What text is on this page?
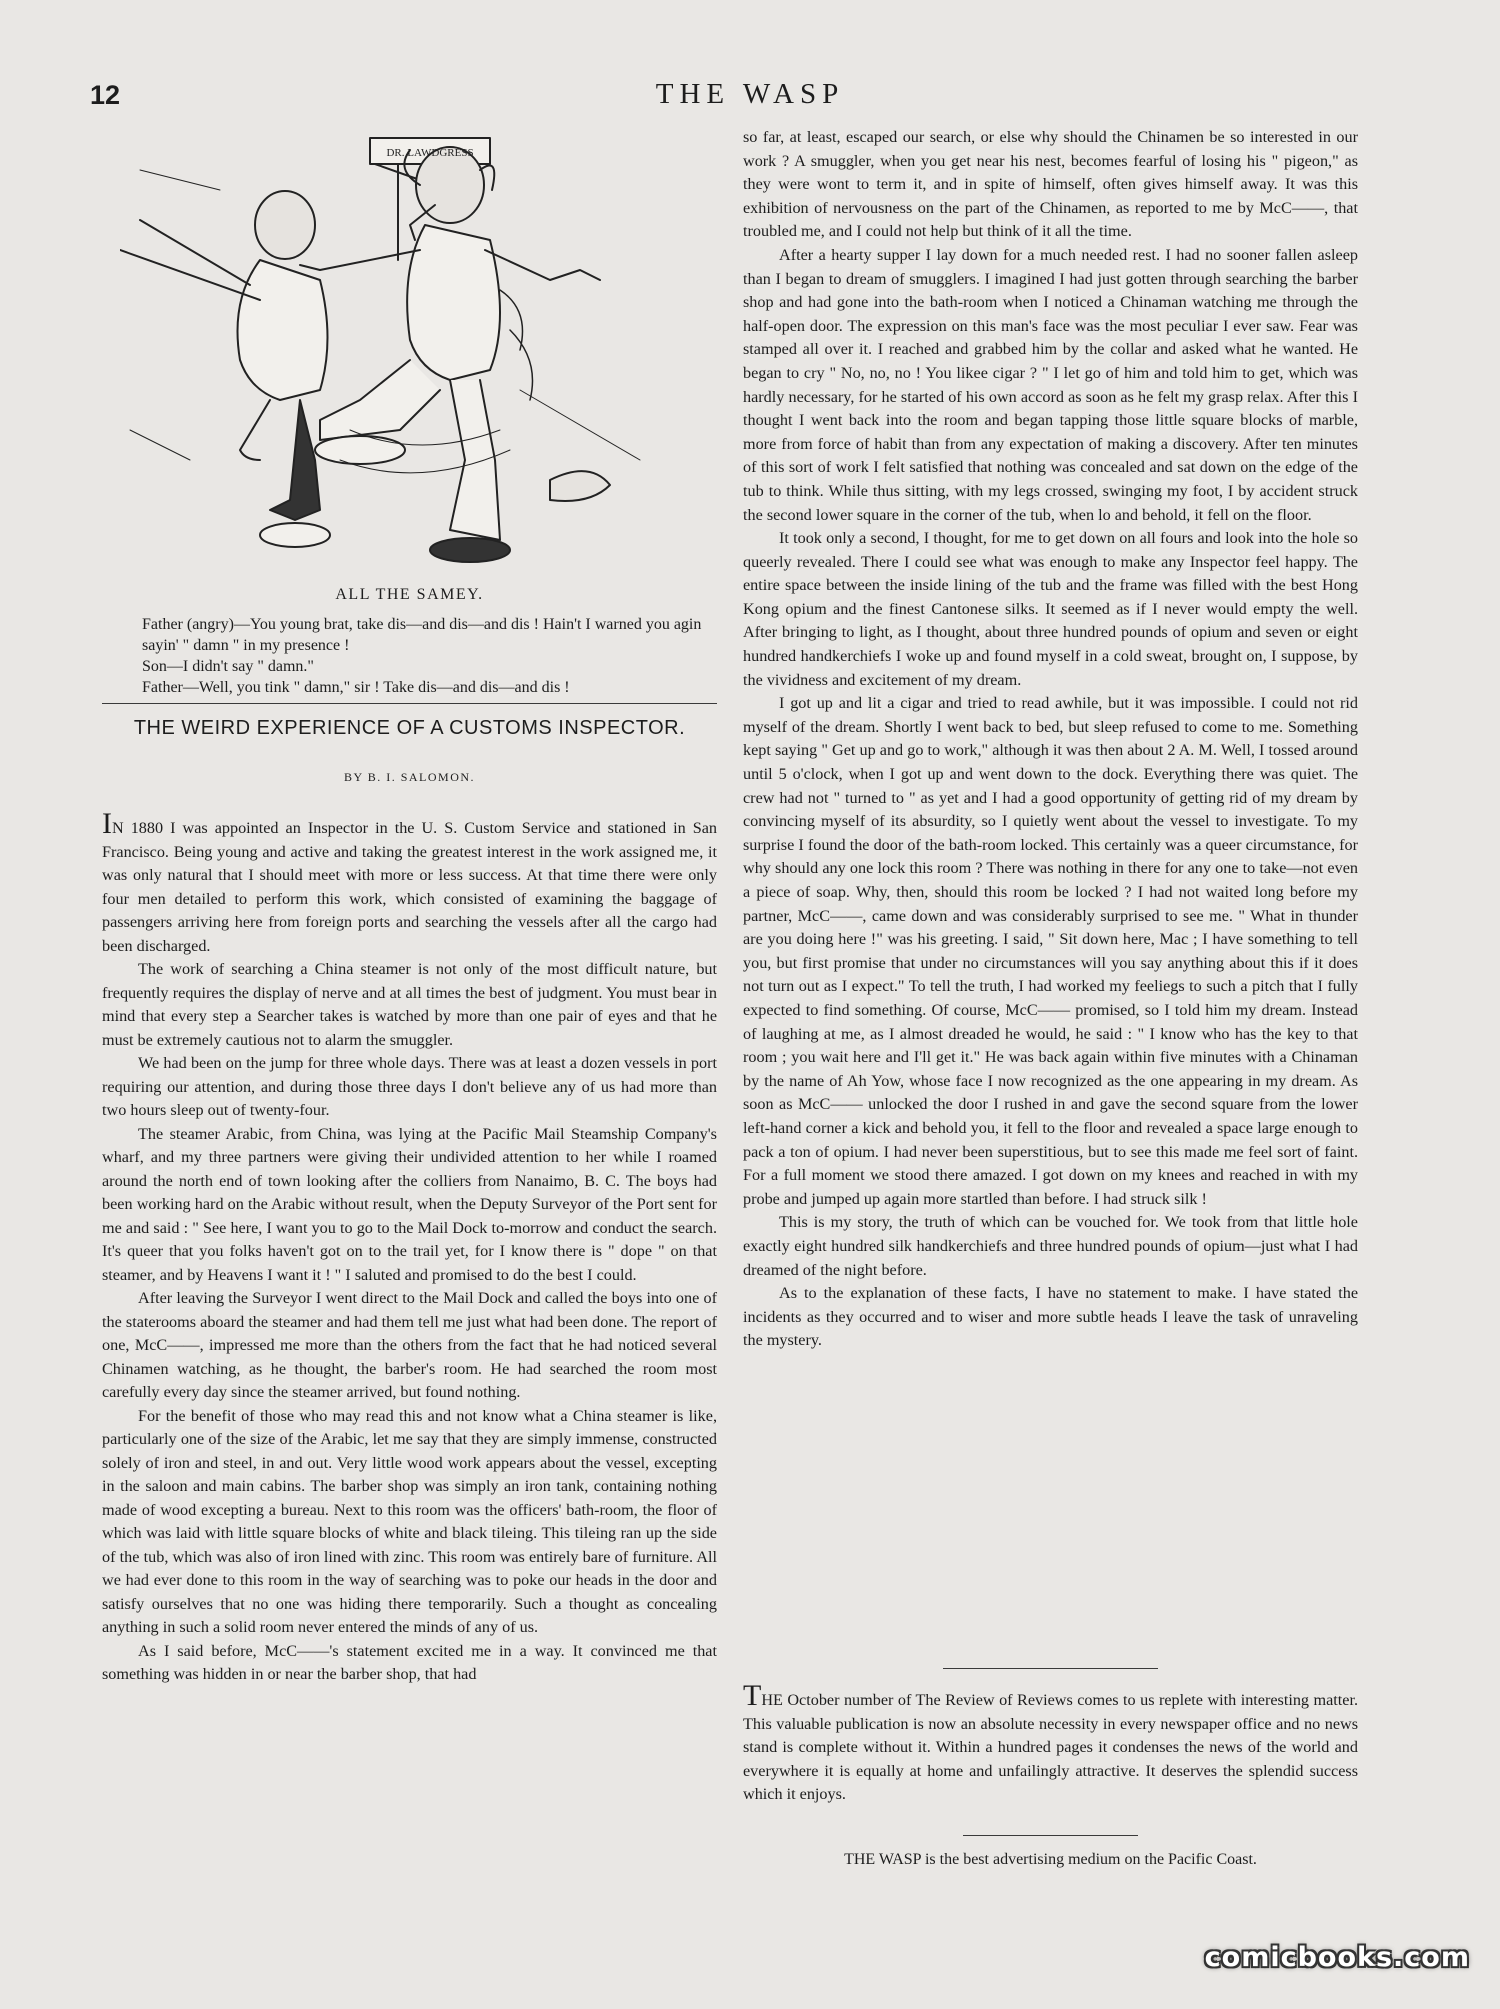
12	THE WASP
DR. LAWDGRESS
ALL THE SAMEY.
Father (angry)—You young brat, take dis—and dis—and dis ! Hain't I warned you agin sayin' " damn " in my presence !
Son—I didn't say " damn."
Father—Well, you tink " damn," sir ! Take dis—and dis—and dis !
THE WEIRD EXPERIENCE OF A CUSTOMS INSPECTOR.
BY B. I. SALOMON.

IN 1880 I was appointed an Inspector in the U. S. Custom Service and stationed in San Francisco. Being young and active and taking the greatest interest in the work assigned me, it was only natural that I should meet with more or less success. At that time there were only four men detailed to perform this work, which consisted of examining the baggage of passengers arriving here from foreign ports and searching the vessels after all the cargo had been discharged.

The work of searching a China steamer is not only of the most difficult nature, but frequently requires the display of nerve and at all times the best of judgment. You must bear in mind that every step a Searcher takes is watched by more than one pair of eyes and that he must be extremely cautious not to alarm the smuggler.

We had been on the jump for three whole days. There was at least a dozen vessels in port requiring our attention, and during those three days I don't believe any of us had more than two hours sleep out of twenty-four.

The steamer Arabic, from China, was lying at the Pacific Mail Steamship Company's wharf, and my three partners were giving their undivided attention to her while I roamed around the north end of town looking after the colliers from Nanaimo, B. C. The boys had been working hard on the Arabic without result, when the Deputy Surveyor of the Port sent for me and said : " See here, I want you to go to the Mail Dock to-morrow and conduct the search. It's queer that you folks haven't got on to the trail yet, for I know there is " dope " on that steamer, and by Heavens I want it ! " I saluted and promised to do the best I could.

After leaving the Surveyor I went direct to the Mail Dock and called the boys into one of the staterooms aboard the steamer and had them tell me just what had been done. The report of one, McC——, impressed me more than the others from the fact that he had noticed several Chinamen watching, as he thought, the barber's room. He had searched the room most carefully every day since the steamer arrived, but found nothing.

For the benefit of those who may read this and not know what a China steamer is like, particularly one of the size of the Arabic, let me say that they are simply immense, constructed solely of iron and steel, in and out. Very little wood work appears about the vessel, excepting in the saloon and main cabins. The barber shop was simply an iron tank, containing nothing made of wood excepting a bureau. Next to this room was the officers' bath-room, the floor of which was laid with little square blocks of white and black tileing. This tileing ran up the side of the tub, which was also of iron lined with zinc. This room was entirely bare of furniture. All we had ever done to this room in the way of searching was to poke our heads in the door and satisfy ourselves that no one was hiding there temporarily. Such a thought as concealing anything in such a solid room never entered the minds of any of us.

As I said before, McC——'s statement excited me in a way. It convinced me that something was hidden in or near the barber shop, that had

so far, at least, escaped our search, or else why should the Chinamen be so interested in our work ? A smuggler, when you get near his nest, becomes fearful of losing his " pigeon," as they were wont to term it, and in spite of himself, often gives himself away. It was this exhibition of nervousness on the part of the Chinamen, as reported to me by McC——, that troubled me, and I could not help but think of it all the time.

After a hearty supper I lay down for a much needed rest. I had no sooner fallen asleep than I began to dream of smugglers. I imagined I had just gotten through searching the barber shop and had gone into the bath-room when I noticed a Chinaman watching me through the half-open door. The expression on this man's face was the most peculiar I ever saw. Fear was stamped all over it. I reached and grabbed him by the collar and asked what he wanted. He began to cry " No, no, no ! You likee cigar ? " I let go of him and told him to get, which was hardly necessary, for he started of his own accord as soon as he felt my grasp relax. After this I thought I went back into the room and began tapping those little square blocks of marble, more from force of habit than from any expectation of making a discovery. After ten minutes of this sort of work I felt satisfied that nothing was concealed and sat down on the edge of the tub to think. While thus sitting, with my legs crossed, swinging my foot, I by accident struck the second lower square in the corner of the tub, when lo and behold, it fell on the floor.

It took only a second, I thought, for me to get down on all fours and look into the hole so queerly revealed. There I could see what was enough to make any Inspector feel happy. The entire space between the inside lining of the tub and the frame was filled with the best Hong Kong opium and the finest Cantonese silks. It seemed as if I never would empty the well. After bringing to light, as I thought, about three hundred pounds of opium and seven or eight hundred handkerchiefs I woke up and found myself in a cold sweat, brought on, I suppose, by the vividness and excitement of my dream.

I got up and lit a cigar and tried to read awhile, but it was impossible. I could not rid myself of the dream. Shortly I went back to bed, but sleep refused to come to me. Something kept saying " Get up and go to work," although it was then about 2 A. M. Well, I tossed around until 5 o'clock, when I got up and went down to the dock. Everything there was quiet. The crew had not " turned to " as yet and I had a good opportunity of getting rid of my dream by convincing myself of its absurdity, so I quietly went about the vessel to investigate. To my surprise I found the door of the bath-room locked. This certainly was a queer circumstance, for why should any one lock this room ? There was nothing in there for any one to take—not even a piece of soap. Why, then, should this room be locked ? I had not waited long before my partner, McC——, came down and was considerably surprised to see me. " What in thunder are you doing here !" was his greeting. I said, " Sit down here, Mac ; I have something to tell you, but first promise that under no circumstances will you say anything about this if it does not turn out as I expect." To tell the truth, I had worked my feeliegs to such a pitch that I fully expected to find something. Of course, McC—— promised, so I told him my dream. Instead of laughing at me, as I almost dreaded he would, he said : " I know who has the key to that room ; you wait here and I'll get it." He was back again within five minutes with a Chinaman by the name of Ah Yow, whose face I now recognized as the one appearing in my dream. As soon as McC—— unlocked the door I rushed in and gave the second square from the lower left-hand corner a kick and behold you, it fell to the floor and revealed a space large enough to pack a ton of opium. I had never been superstitious, but to see this made me feel sort of faint. For a full moment we stood there amazed. I got down on my knees and reached in with my probe and jumped up again more startled than before. I had struck silk !

This is my story, the truth of which can be vouched for. We took from that little hole exactly eight hundred silk handkerchiefs and three hundred pounds of opium—just what I had dreamed of the night before.

As to the explanation of these facts, I have no statement to make. I have stated the incidents as they occurred and to wiser and more subtle heads I leave the task of unraveling the mystery.

THE October number of The Review of Reviews comes to us replete with interesting matter. This valuable publication is now an absolute necessity in every newspaper office and no news stand is complete without it. Within a hundred pages it condenses the news of the world and everywhere it is equally at home and unfailingly attractive. It deserves the splendid success which it enjoys.

THE WASP is the best advertising medium on the Pacific Coast.
comicbooks.com
